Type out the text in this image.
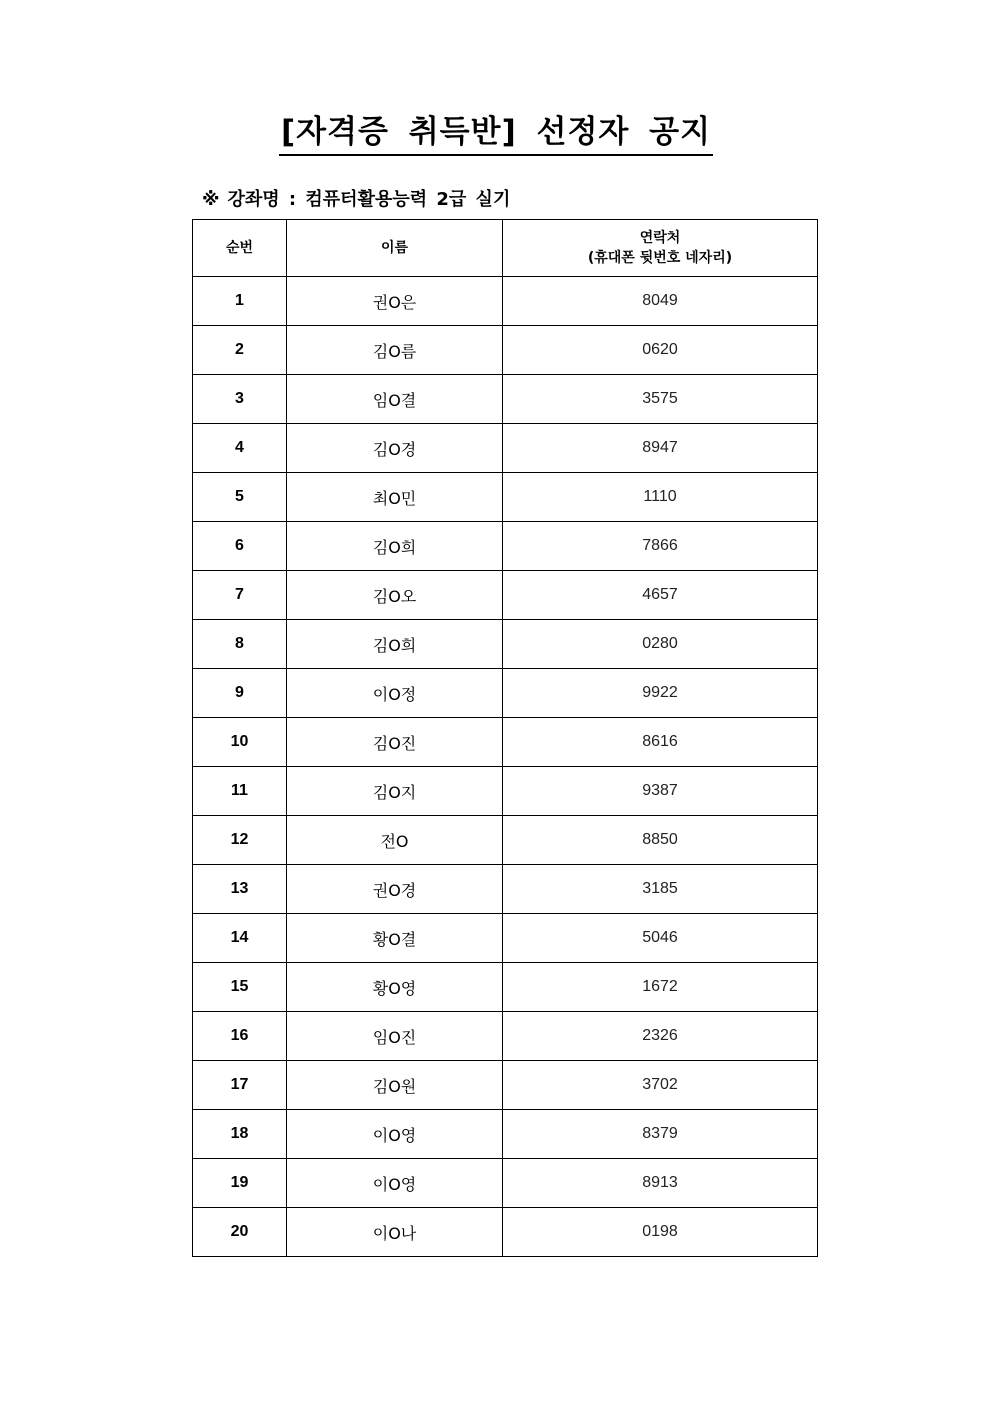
[자격증 취득반] 선정자 공지
※ 강좌명 : 컴퓨터활용능력 2급 실기
순번	이름	연락처
(휴대폰 뒷번호 네자리)

1	권O은	8049
2	김O름	0620
3	임O결	3575
4	김O경	8947
5	최O민	1110
6	김O희	7866
7	김O오	4657
8	김O희	0280
9	이O정	9922
10	김O진	8616
11	김O지	9387
12	전O	8850
13	권O경	3185
14	황O결	5046
15	황O영	1672
16	임O진	2326
17	김O원	3702
18	이O영	8379
19	이O영	8913
20	이O나	0198
